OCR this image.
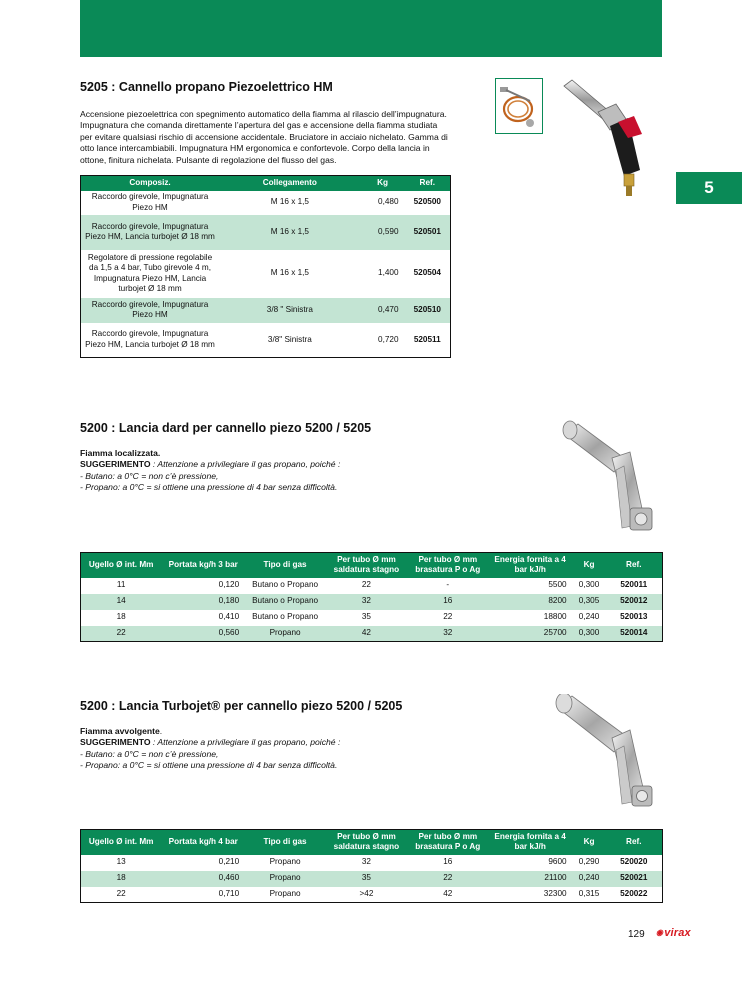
5
5205 : Cannello propano Piezoelettrico HM
Accensione piezoelettrica con spegnimento automatico della fiamma al rilascio dell’impugnatura.
Impugnatura che comanda direttamente l’apertura del gas e accensione della fiamma studiata
per evitare qualsiasi rischio di accensione accidentale. Bruciatore in acciaio nichelato. Gamma di
otto lance intercambiabili. Impugnatura HM ergonomica e confortevole. Corpo della lancia in
ottone, finitura nichelata. Pulsante di regolazione del flusso del gas.
Composiz.	Collegamento	Kg	Ref.
Raccordo girevole, Impugnatura Piezo HM	M 16 x 1,5	0,480	520500
Raccordo girevole, Impugnatura Piezo HM, Lancia turbojet Ø 18 mm	M 16 x 1,5	0,590	520501
Regolatore di pressione regolabile da 1,5 a 4 bar, Tubo girevole 4 m, Impugnatura Piezo HM, Lancia turbojet Ø 18 mm	M 16 x 1,5	1,400	520504
Raccordo girevole, Impugnatura Piezo HM	3/8 " Sinistra	0,470	520510
Raccordo girevole, Impugnatura Piezo HM, Lancia turbojet Ø 18 mm	3/8" Sinistra	0,720	520511
5200 : Lancia dard per cannello piezo 5200 / 5205
Fiamma localizzata.
SUGGERIMENTO : Attenzione a privilegiare il gas propano, poiché :
- Butano: a 0°C = non c’è pressione,
- Propano: a 0°C = si ottiene una pressione di 4 bar senza difficoltà.
Ugello Ø int. Mm	Portata kg/h 3 bar	Tipo di gas	Per tubo Ø mm saldatura stagno	Per tubo Ø mm brasatura P o Ag	Energia fornita a 4 bar kJ/h	Kg	Ref.
11	0,120	Butano o Propano	22	-	5500	0,300	520011
14	0,180	Butano o Propano	32	16	8200	0,305	520012
18	0,410	Butano o Propano	35	22	18800	0,240	520013
22	0,560	Propano	42	32	25700	0,300	520014
5200 : Lancia Turbojet® per cannello piezo 5200 / 5205
Fiamma avvolgente.
SUGGERIMENTO : Attenzione a privilegiare il gas propano, poiché :
- Butano: a 0°C = non c’è pressione,
- Propano: a 0°C = si ottiene una pressione di 4 bar senza difficoltà.
Ugello Ø int. Mm	Portata kg/h 4 bar	Tipo di gas	Per tubo Ø mm saldatura stagno	Per tubo Ø mm brasatura P o Ag	Energia fornita a 4 bar kJ/h	Kg	Ref.
13	0,210	Propano	32	16	9600	0,290	520020
18	0,460	Propano	35	22	21100	0,240	520021
22	0,710	Propano	>42	42	32300	0,315	520022
129 ◉virax
